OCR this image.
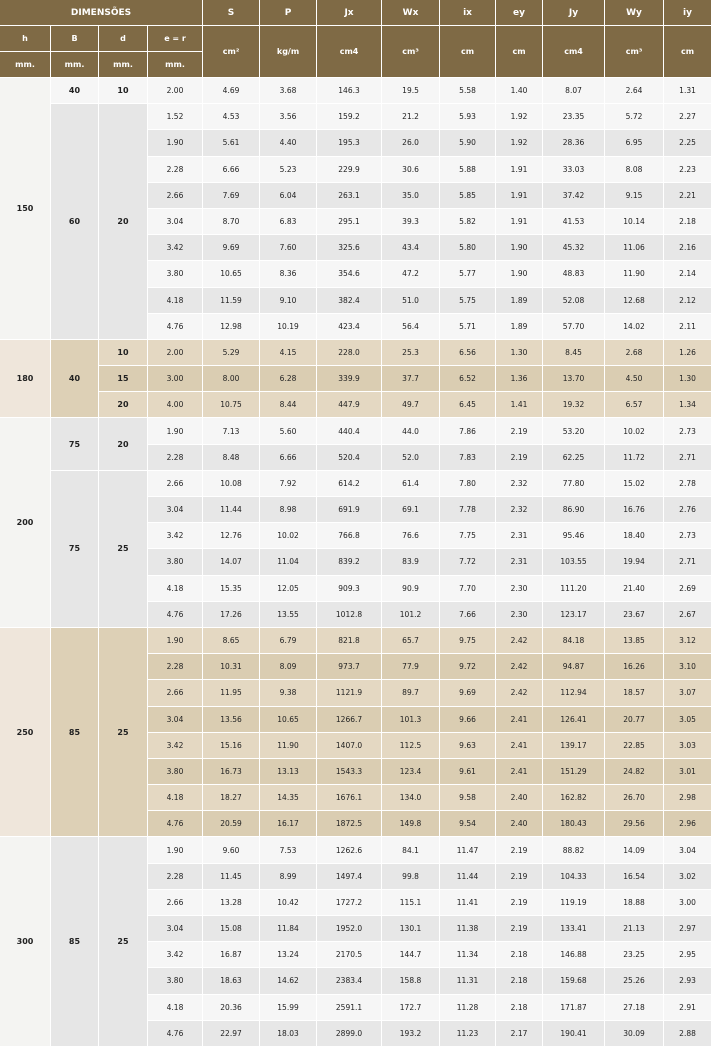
DIMENSÕES				S	P	Jx	Wx	ix	ey	Jy	Wy	iy
h	B	d	e = r	cm²	kg/m	cm4	cm³	cm	cm	cm4	cm³	cm
mm.	mm.	mm.	mm.									
150	40	10	2.00	4.69	3.68	146.3	19.5	5.58	1.40	8.07	2.64	1.31
	60	20	1.52	4.53	3.56	159.2	21.2	5.93	1.92	23.35	5.72	2.27
			1.90	5.61	4.40	195.3	26.0	5.90	1.92	28.36	6.95	2.25
			2.28	6.66	5.23	229.9	30.6	5.88	1.91	33.03	8.08	2.23
			2.66	7.69	6.04	263.1	35.0	5.85	1.91	37.42	9.15	2.21
			3.04	8.70	6.83	295.1	39.3	5.82	1.91	41.53	10.14	2.18
			3.42	9.69	7.60	325.6	43.4	5.80	1.90	45.32	11.06	2.16
			3.80	10.65	8.36	354.6	47.2	5.77	1.90	48.83	11.90	2.14
			4.18	11.59	9.10	382.4	51.0	5.75	1.89	52.08	12.68	2.12
			4.76	12.98	10.19	423.4	56.4	5.71	1.89	57.70	14.02	2.11
180	40	10	2.00	5.29	4.15	228.0	25.3	6.56	1.30	8.45	2.68	1.26
		15	3.00	8.00	6.28	339.9	37.7	6.52	1.36	13.70	4.50	1.30
		20	4.00	10.75	8.44	447.9	49.7	6.45	1.41	19.32	6.57	1.34
200	75	20	1.90	7.13	5.60	440.4	44.0	7.86	2.19	53.20	10.02	2.73
			2.28	8.48	6.66	520.4	52.0	7.83	2.19	62.25	11.72	2.71
	75	25	2.66	10.08	7.92	614.2	61.4	7.80	2.32	77.80	15.02	2.78
			3.04	11.44	8.98	691.9	69.1	7.78	2.32	86.90	16.76	2.76
			3.42	12.76	10.02	766.8	76.6	7.75	2.31	95.46	18.40	2.73
			3.80	14.07	11.04	839.2	83.9	7.72	2.31	103.55	19.94	2.71
			4.18	15.35	12.05	909.3	90.9	7.70	2.30	111.20	21.40	2.69
			4.76	17.26	13.55	1012.8	101.2	7.66	2.30	123.17	23.67	2.67
250	85	25	1.90	8.65	6.79	821.8	65.7	9.75	2.42	84.18	13.85	3.12
			2.28	10.31	8.09	973.7	77.9	9.72	2.42	94.87	16.26	3.10
			2.66	11.95	9.38	1121.9	89.7	9.69	2.42	112.94	18.57	3.07
			3.04	13.56	10.65	1266.7	101.3	9.66	2.41	126.41	20.77	3.05
			3.42	15.16	11.90	1407.0	112.5	9.63	2.41	139.17	22.85	3.03
			3.80	16.73	13.13	1543.3	123.4	9.61	2.41	151.29	24.82	3.01
			4.18	18.27	14.35	1676.1	134.0	9.58	2.40	162.82	26.70	2.98
			4.76	20.59	16.17	1872.5	149.8	9.54	2.40	180.43	29.56	2.96
300	85	25	1.90	9.60	7.53	1262.6	84.1	11.47	2.19	88.82	14.09	3.04
			2.28	11.45	8.99	1497.4	99.8	11.44	2.19	104.33	16.54	3.02
			2.66	13.28	10.42	1727.2	115.1	11.41	2.19	119.19	18.88	3.00
			3.04	15.08	11.84	1952.0	130.1	11.38	2.19	133.41	21.13	2.97
			3.42	16.87	13.24	2170.5	144.7	11.34	2.18	146.88	23.25	2.95
			3.80	18.63	14.62	2383.4	158.8	11.31	2.18	159.68	25.26	2.93
			4.18	20.36	15.99	2591.1	172.7	11.28	2.18	171.87	27.18	2.91
			4.76	22.97	18.03	2899.0	193.2	11.23	2.17	190.41	30.09	2.88
